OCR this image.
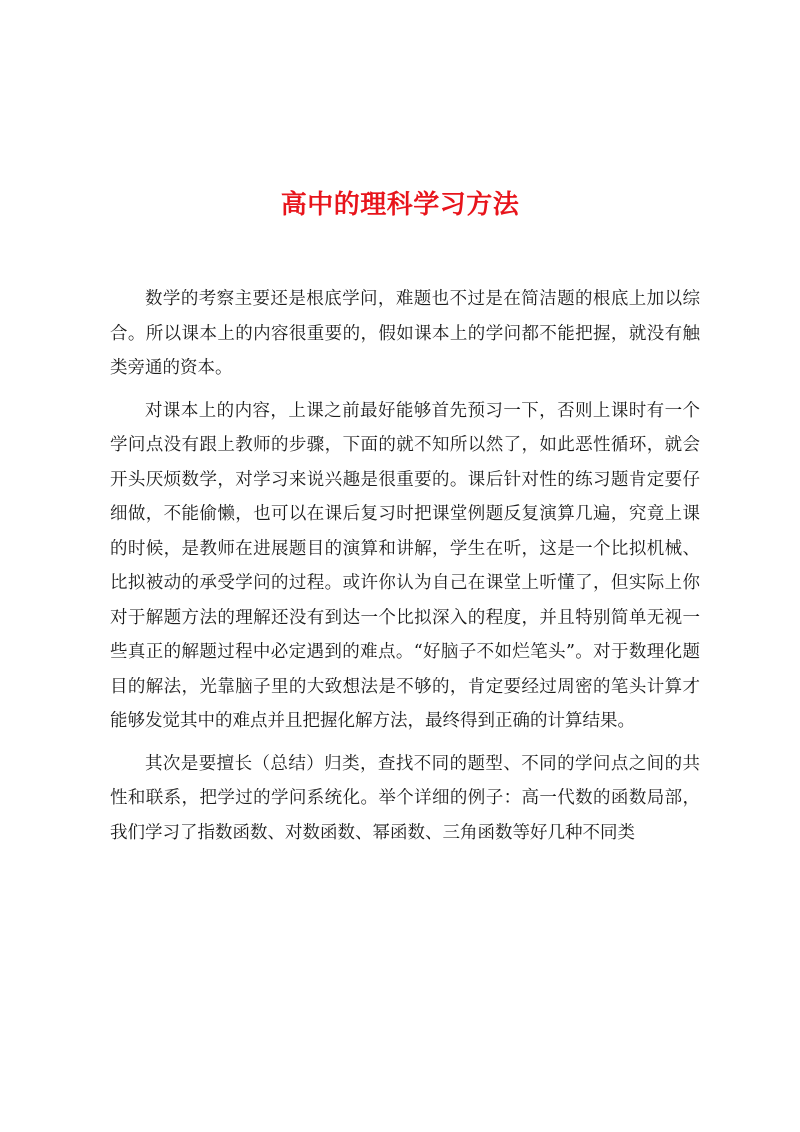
高中的理科学习方法

数学的考察主要还是根底学问，难题也不过是在简洁题的根底上加以综合。所以课本上的内容很重要的，假如课本上的学问都不能把握，就没有触类旁通的资本。

对课本上的内容，上课之前最好能够首先预习一下，否则上课时有一个学问点没有跟上教师的步骤，下面的就不知所以然了，如此恶性循环，就会开头厌烦数学，对学习来说兴趣是很重要的。课后针对性的练习题肯定要仔细做，不能偷懒，也可以在课后复习时把课堂例题反复演算几遍，究竟上课的时候，是教师在进展题目的演算和讲解，学生在听，这是一个比拟机械、比拟被动的承受学问的过程。或许你认为自己在课堂上听懂了，但实际上你对于解题方法的理解还没有到达一个比拟深入的程度，并且特别简单无视一些真正的解题过程中必定遇到的难点。“好脑子不如烂笔头”。对于数理化题目的解法，光靠脑子里的大致想法是不够的，肯定要经过周密的笔头计算才能够发觉其中的难点并且把握化解方法，最终得到正确的计算结果。

其次是要擅长（总结）归类，查找不同的题型、不同的学问点之间的共性和联系，把学过的学问系统化。举个详细的例子：高一代数的函数局部，我们学习了指数函数、对数函数、幂函数、三角函数等好几种不同类
